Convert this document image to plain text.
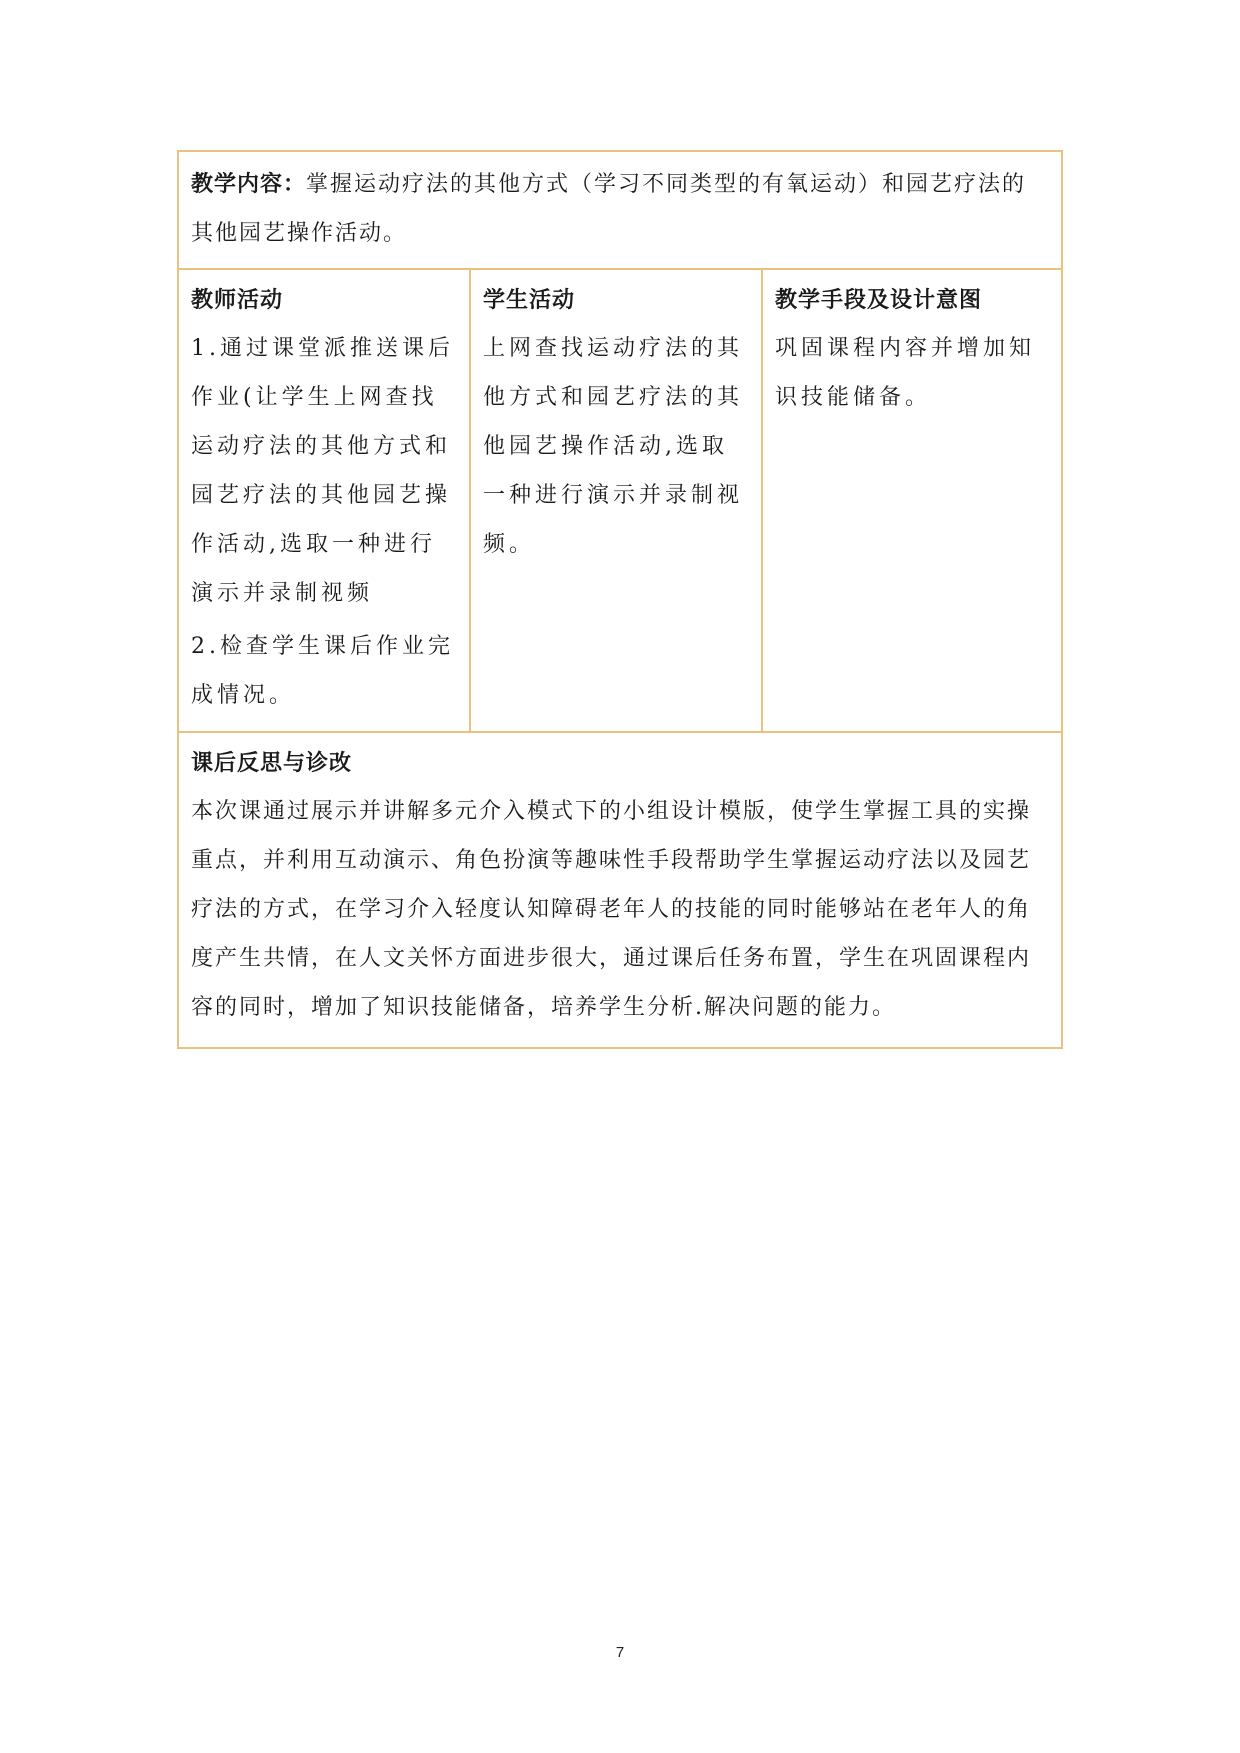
教学内容：掌握运动疗法的其他方式（学习不同类型的有氧运动）和园艺疗法的其他园艺操作活动。

教师活动
1.通过课堂派推送课后作业(让学生上网查找运动疗法的其他方式和园艺疗法的其他园艺操作活动,选取一种进行演示并录制视频
2.检查学生课后作业完成情况。

学生活动
上网查找运动疗法的其他方式和园艺疗法的其他园艺操作活动,选取一种进行演示并录制视频。

教学手段及设计意图
巩固课程内容并增加知识技能储备。

课后反思与诊改
本次课通过展示并讲解多元介入模式下的小组设计模版，使学生掌握工具的实操重点，并利用互动演示、角色扮演等趣味性手段帮助学生掌握运动疗法以及园艺疗法的方式，在学习介入轻度认知障碍老年人的技能的同时能够站在老年人的角度产生共情，在人文关怀方面进步很大，通过课后任务布置，学生在巩固课程内容的同时，增加了知识技能储备，培养学生分析.解决问题的能力。
7
